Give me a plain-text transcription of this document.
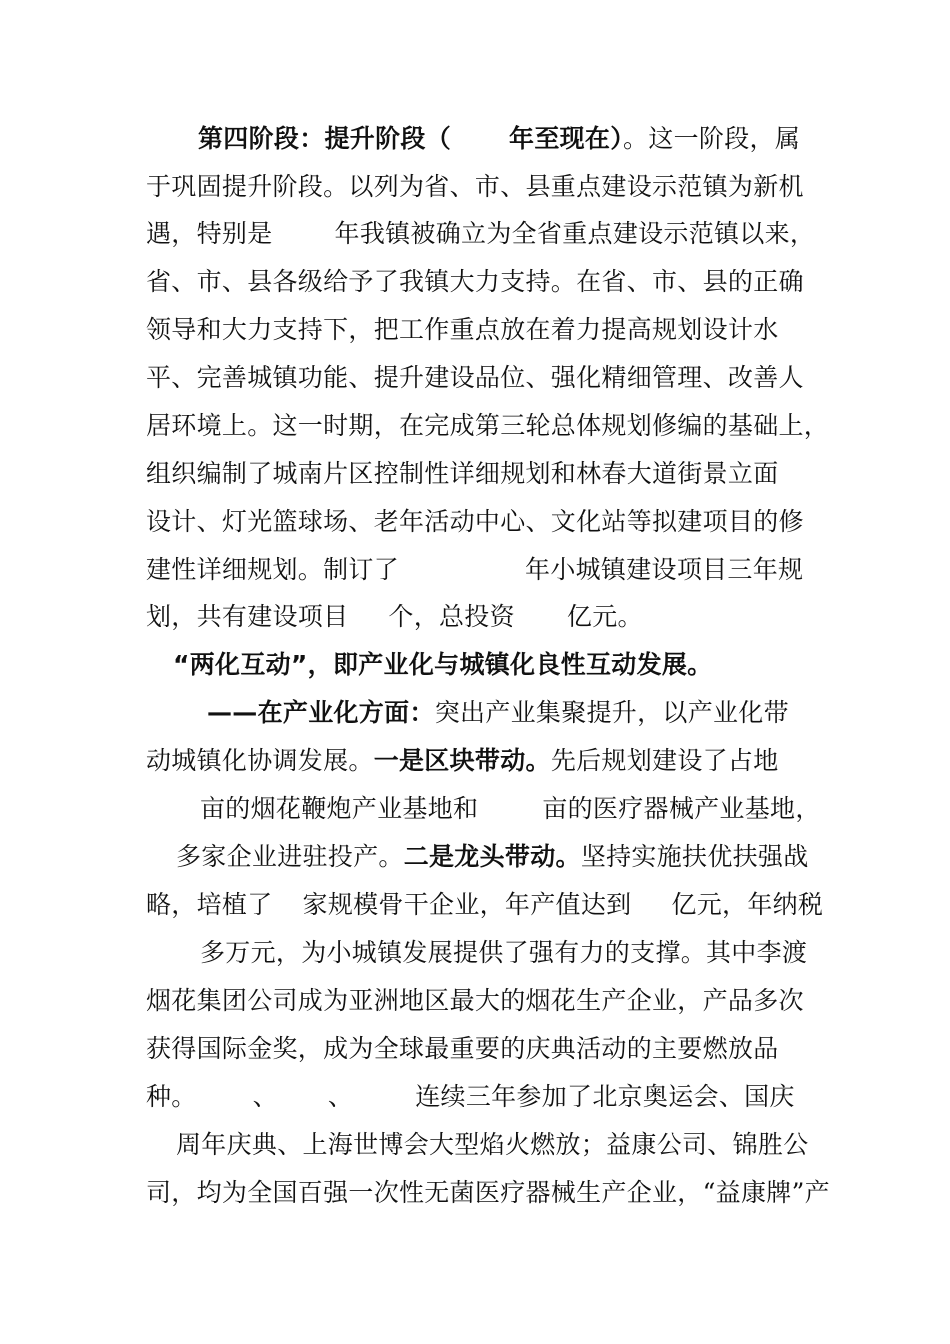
第四阶段：提升阶段（ 年至现在）。这一阶段，属
于巩固提升阶段。以列为省、市、县重点建设示范镇为新机
遇，特别是 年我镇被确立为全省重点建设示范镇以来，
省、市、县各级给予了我镇大力支持。在省、市、县的正确
领导和大力支持下，把工作重点放在着力提高规划设计水
平、完善城镇功能、提升建设品位、强化精细管理、改善人
居环境上。这一时期，在完成第三轮总体规划修编的基础上，
组织编制了城南片区控制性详细规划和林春大道街景立面
设计、灯光篮球场、老年活动中心、文化站等拟建项目的修
建性详细规划。制订了	年小城镇建设项目三年规
划，共有建设项目 个，总投资 亿元。
“两化互动”，即产业化与城镇化良性互动发展。
——在产业化方面：突出产业集聚提升，以产业化带
动城镇化协调发展。一是区块带动。先后规划建设了占地
亩的烟花鞭炮产业基地和	亩的医疗器械产业基地，
多家企业进驻投产。二是龙头带动。坚持实施扶优扶强战
略，培植了 家规模骨干企业，年产值达到 亿元，年纳税
多万元，为小城镇发展提供了强有力的支撑。其中李渡
烟花集团公司成为亚洲地区最大的烟花生产企业，产品多次
获得国际金奖，成为全球最重要的庆典活动的主要燃放品
种。 、 、 连续三年参加了北京奥运会、国庆
周年庆典、上海世博会大型焰火燃放；益康公司、锦胜公
司，均为全国百强一次性无菌医疗器械生产企业，“益康牌”产
